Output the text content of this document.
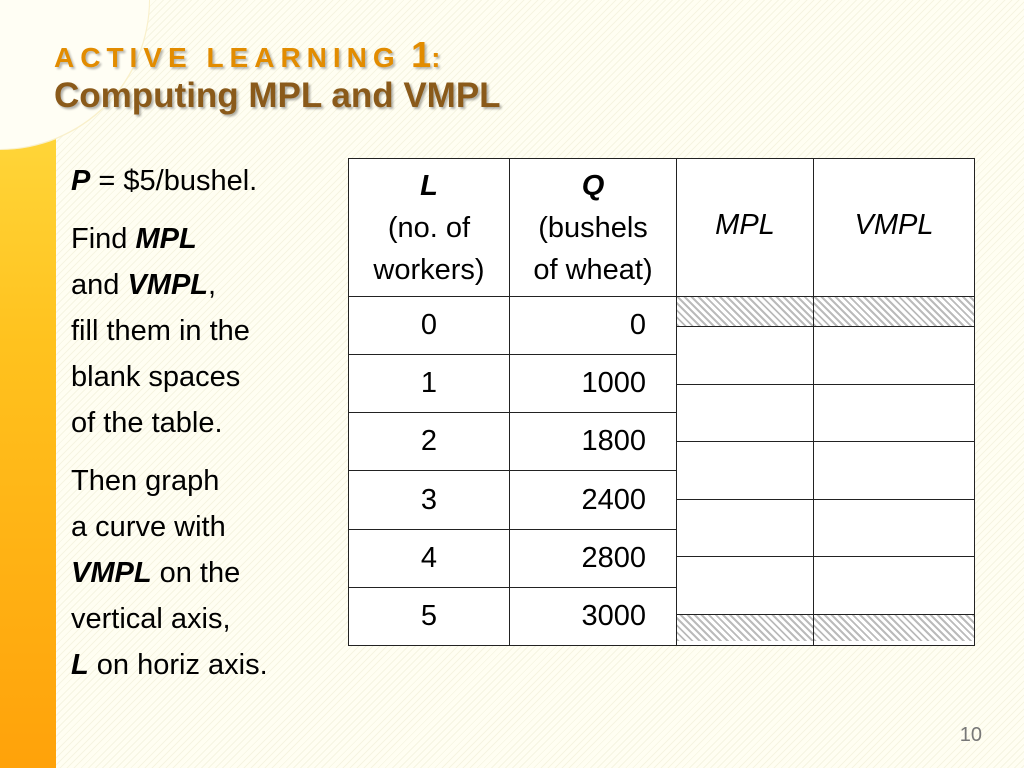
ACTIVE LEARNING 1:
Computing MPL and VMPL

P = $5/bushel.

Find MPL
and VMPL,
fill them in the
blank spaces
of the table.

Then graph
a curve with
VMPL on the
vertical axis,
L on horiz axis.

L
(no. of
workers)	Q
(bushels
of wheat)	MPL	VMPL

0	0	

1	1000		
2	1800		
3	2400		
4	2800		
5	3000		
10
